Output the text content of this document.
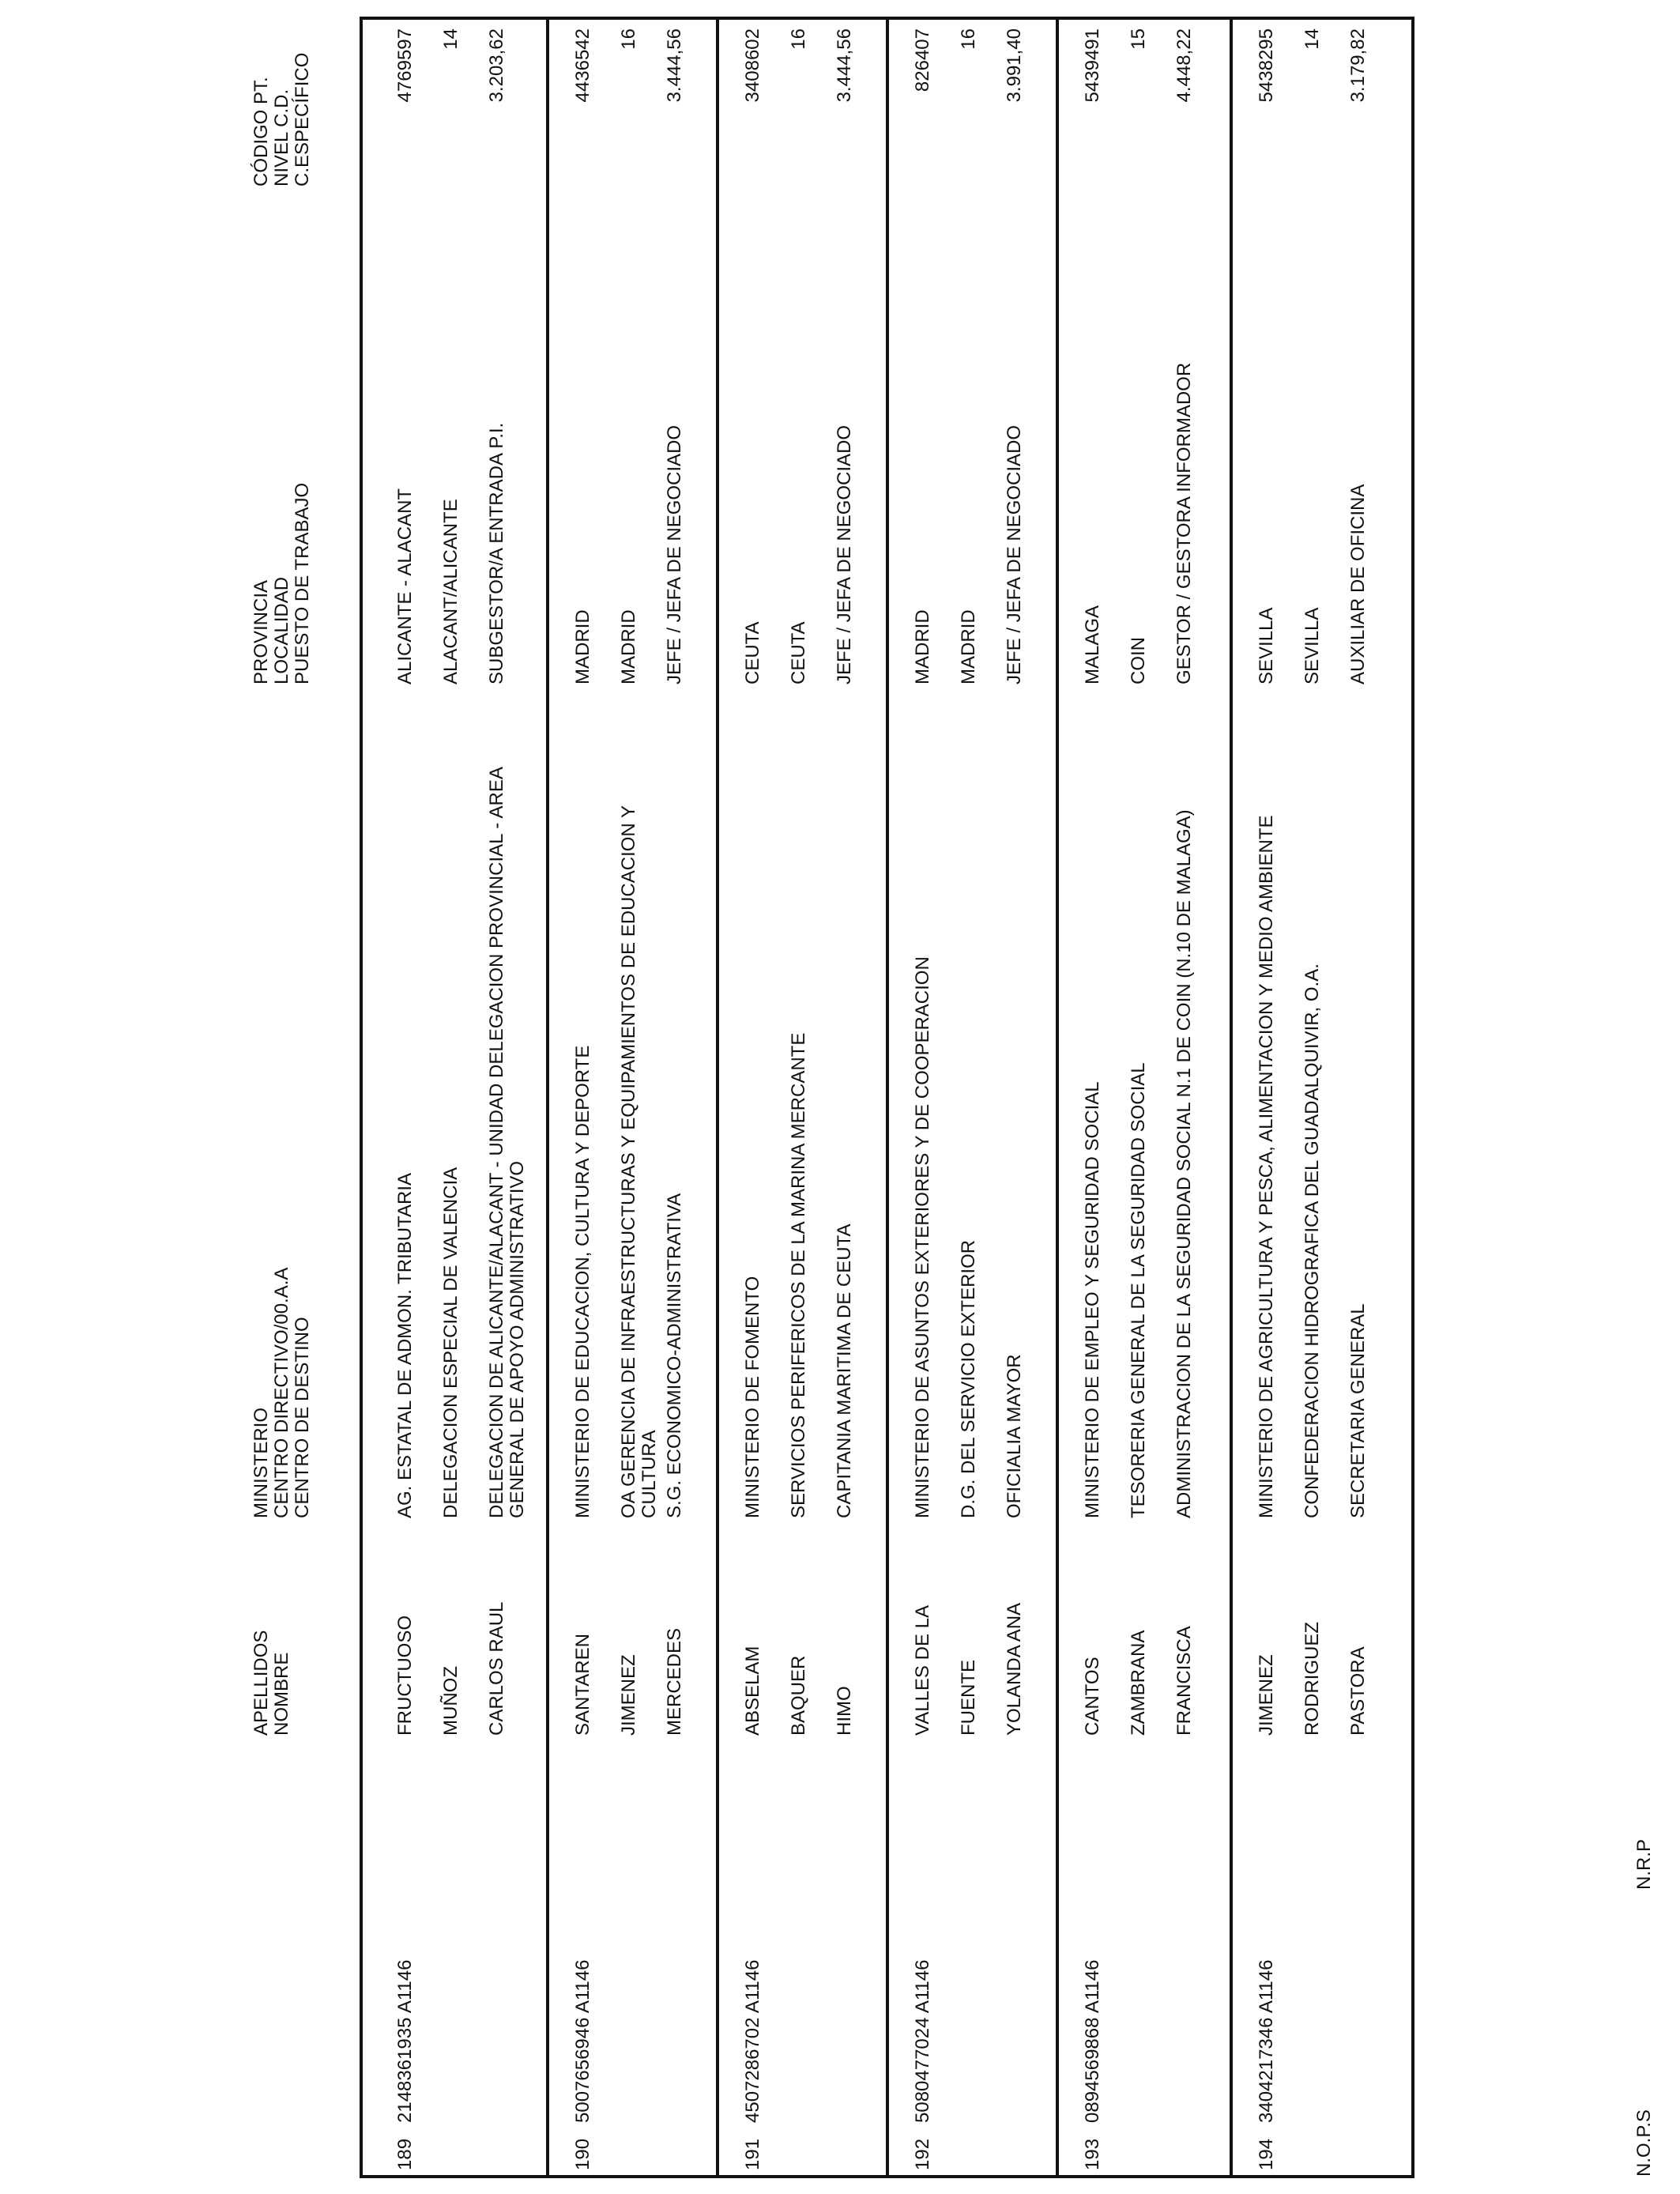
N.O.P.S
N.R.P
APELLIDOS NOMBRE
MINISTERIO CENTRO DIRECTIVO/00.A.A CENTRO DE DESTINO
PROVINCIA LOCALIDAD PUESTO DE TRABAJO
CÓDIGO PT. NIVEL C.D. C.ESPECÍFICO
189
2148361935 A1146
FRUCTUOSO MUÑOZ CARLOS RAUL
AG. ESTATAL DE ADMON. TRIBUTARIA DELEGACION ESPECIAL DE VALENCIA DELEGACION DE ALICANTE/ALACANT - UNIDAD DELEGACION PROVINCIAL - AREA GENERAL DE APOYO ADMINISTRATIVO
ALICANTE - ALACANT ALACANT/ALICANTE SUBGESTOR/A ENTRADA P.I.
4769597 14 3.203,62
190
5007656946 A1146
SANTAREN JIMENEZ MERCEDES
MINISTERIO DE EDUCACION, CULTURA Y DEPORTE OA GERENCIA DE INFRAESTRUCTURAS Y EQUIPAMIENTOS DE EDUCACION Y CULTURA S.G. ECONOMICO-ADMINISTRATIVA
MADRID MADRID JEFE / JEFA DE NEGOCIADO
4436542 16 3.444,56
191
4507286702 A1146
ABSELAM BAQUER HIMO
MINISTERIO DE FOMENTO SERVICIOS PERIFERICOS DE LA MARINA MERCANTE CAPITANIA MARITIMA DE CEUTA
CEUTA CEUTA JEFE / JEFA DE NEGOCIADO
3408602 16 3.444,56
192
5080477024 A1146
VALLES DE LA FUENTE YOLANDA ANA
MINISTERIO DE ASUNTOS EXTERIORES Y DE COOPERACION D.G. DEL SERVICIO EXTERIOR OFICIALIA MAYOR
MADRID MADRID JEFE / JEFA DE NEGOCIADO
826407 16 3.991,40
193
0894569868 A1146
CANTOS ZAMBRANA FRANCISCA
MINISTERIO DE EMPLEO Y SEGURIDAD SOCIAL TESORERIA GENERAL DE LA SEGURIDAD SOCIAL ADMINISTRACION DE LA SEGURIDAD SOCIAL N.1 DE COIN (N.10 DE MALAGA)
MALAGA COIN GESTOR / GESTORA INFORMADOR
5439491 15 4.448,22
194
3404217346 A1146
JIMENEZ RODRIGUEZ PASTORA
MINISTERIO DE AGRICULTURA Y PESCA, ALIMENTACION Y MEDIO AMBIENTE CONFEDERACION HIDROGRAFICA DEL GUADALQUIVIR, O.A. SECRETARIA GENERAL
SEVILLA SEVILLA AUXILIAR DE OFICINA
5438295 14 3.179,82
